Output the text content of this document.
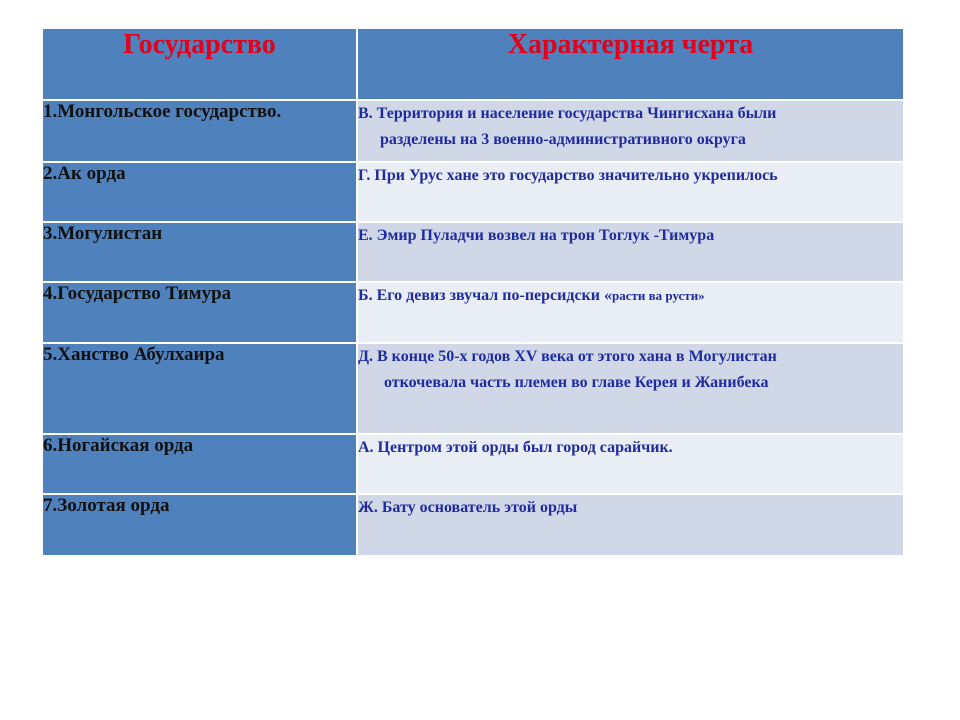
Государство	Характерная черта
1.Монгольское государство.	В. Территория и население государства Чингисхана были
разделены на 3 военно-административного округа

2.Ак орда	Г. При Урус хане это государство значительно укрепилось
3.Могулистан	Е. Эмир Пуладчи возвел на трон Тоглук -Тимура
4.Государство Тимура	Б. Его девиз звучал по-персидски «расти ва русти»
5.Ханство Абулхаира	Д. В конце 50-х годов XV века от этого хана в Могулистан
откочевала часть племен во главе Керея и Жанибека

6.Ногайская орда	А. Центром этой орды был город сарайчик.
7.Золотая орда	Ж. Бату основатель этой орды
